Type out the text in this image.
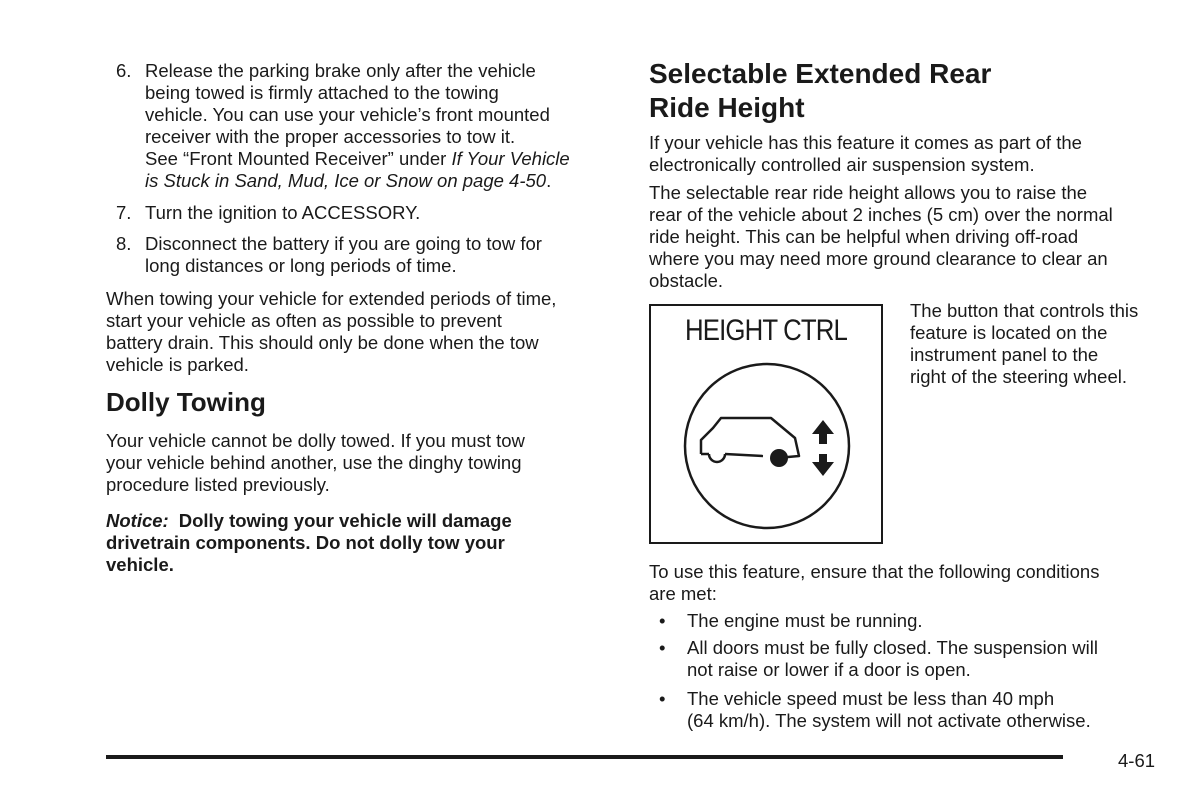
6. Release the parking brake only after the vehicle
being towed is firmly attached to the towing
vehicle. You can use your vehicle’s front mounted
receiver with the proper accessories to tow it.
See “Front Mounted Receiver” under If Your Vehicle
is Stuck in Sand, Mud, Ice or Snow on page 4-50.
7. Turn the ignition to ACCESSORY.
8. Disconnect the battery if you are going to tow for
long distances or long periods of time.

When towing your vehicle for extended periods of time,

start your vehicle as often as possible to prevent

battery drain. This should only be done when the tow

vehicle is parked.

Dolly Towing

Your vehicle cannot be dolly towed. If you must tow

your vehicle behind another, use the dinghy towing

procedure listed previously.

Notice: Dolly towing your vehicle will damage
drivetrain components. Do not dolly tow your
vehicle.
Selectable Extended Rear
Ride Height

If your vehicle has this feature it comes as part of the

electronically controlled air suspension system.

The selectable rear ride height allows you to raise the

rear of the vehicle about 2 inches (5 cm) over the normal

ride height. This can be helpful when driving off-road

where you may need more ground clearance to clear an

obstacle.

HEIGHT CTRL
The button that controls this
feature is located on the
instrument panel to the
right of the steering wheel.

To use this feature, ensure that the following conditions

are met:

• The engine must be running.
• All doors must be fully closed. The suspension will
not raise or lower if a door is open.
• The vehicle speed must be less than 40 mph
(64 km/h). The system will not activate otherwise.
4-61
